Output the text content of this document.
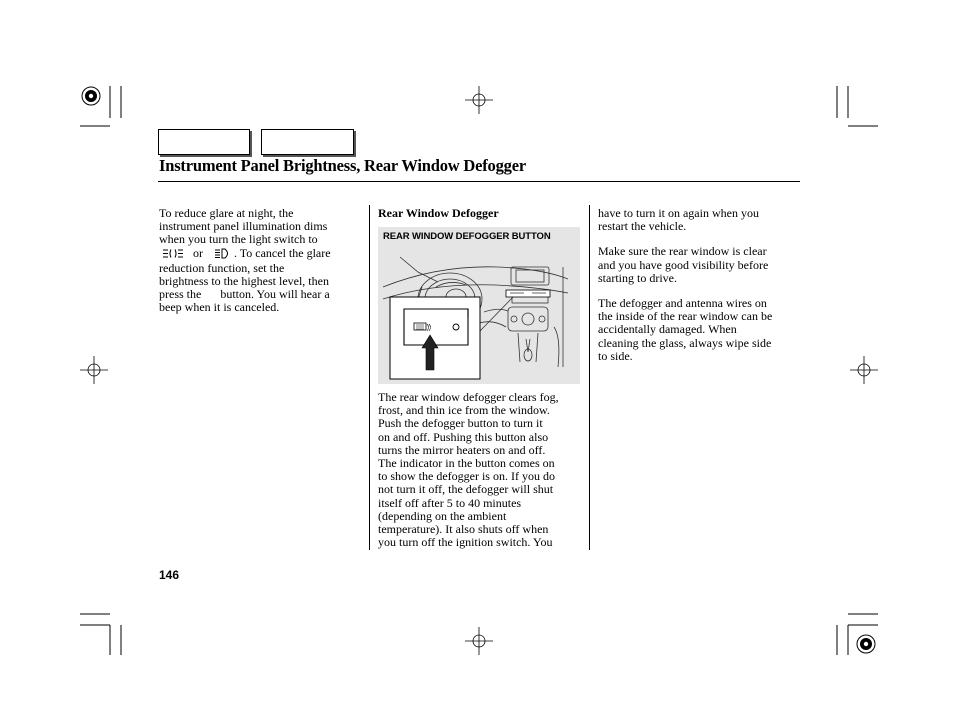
Instrument Panel Brightness, Rear Window Defogger
To reduce glare at night, the
instrument panel illumination dims
when you turn the light switch to
or	. To cancel the glare
reduction function, set the
brightness to the highest level, then
press the button. You will hear a
beep when it is canceled.
Rear Window Defogger
REAR WINDOW DEFOGGER BUTTON
The rear window defogger clears fog,
frost, and thin ice from the window.
Push the defogger button to turn it
on and off. Pushing this button also
turns the mirror heaters on and off.
The indicator in the button comes on
to show the defogger is on. If you do
not turn it off, the defogger will shut
itself off after 5 to 40 minutes
(depending on the ambient
temperature). It also shuts off when
you turn off the ignition switch. You

have to turn it on again when you
restart the vehicle.

Make sure the rear window is clear
and you have good visibility before
starting to drive.

The defogger and antenna wires on
the inside of the rear window can be
accidentally damaged. When
cleaning the glass, always wipe side
to side.

146
